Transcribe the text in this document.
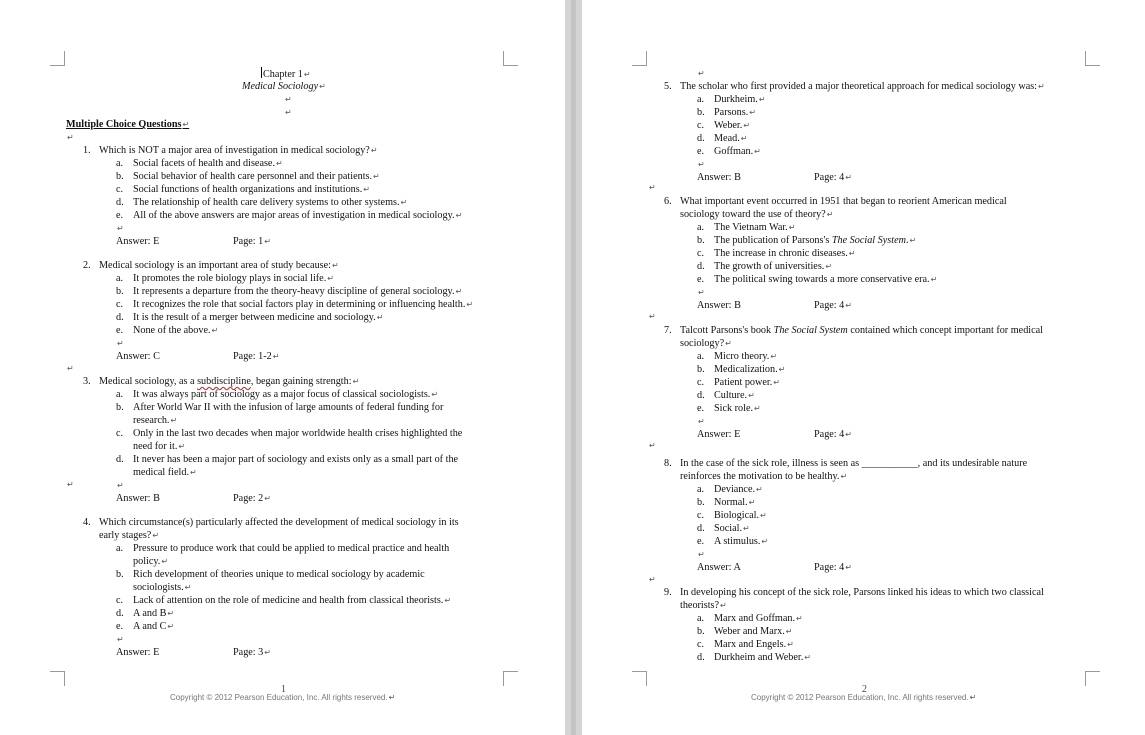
Chapter 1↵
Medical Sociology↵
↵
↵
Multiple Choice Questions↵
↵
1. Which is NOT a major area of investigation in medical sociology?↵
a. Social facets of health and disease.↵
b. Social behavior of health care personnel and their patients.↵
c. Social functions of health organizations and institutions.↵
d. The relationship of health care delivery systems to other systems.↵
e. All of the above answers are major areas of investigation in medical sociology.↵
↵
Answer: E	Page: 1↵
2. Medical sociology is an important area of study because:↵
a. It promotes the role biology plays in social life.↵
b. It represents a departure from the theory-heavy discipline of general sociology.↵
c. It recognizes the role that social factors play in determining or influencing health.↵
d. It is the result of a merger between medicine and sociology.↵
e. None of the above.↵
↵
Answer: C	Page: 1-2↵
3. Medical sociology, as a subdiscipline, began gaining strength:↵
a. It was always part of sociology as a major focus of classical sociologists.↵
b. After World War II with the infusion of large amounts of federal funding for
research.↵
c. Only in the last two decades when major worldwide health crises highlighted the
need for it.↵
d. It never has been a major part of sociology and exists only as a small part of the
medical field.↵
↵
Answer: B	Page: 2↵
4. Which circumstance(s) particularly affected the development of medical sociology in its
early stages?↵
a. Pressure to produce work that could be applied to medical practice and health
policy.↵
b. Rich development of theories unique to medical sociology by academic
sociologists.↵
c. Lack of attention on the role of medicine and health from classical theorists.↵
d. A and B↵
e. A and C↵
↵
Answer: E	Page: 3↵
↵
↵
1
Copyright © 2012 Pearson Education, Inc. All rights reserved.↵
↵
5. The scholar who first provided a major theoretical approach for medical sociology was:↵
a. Durkheim.↵
b. Parsons.↵
c. Weber.↵
d. Mead.↵
e. Goffman.↵
↵
Answer: B	Page: 4↵
6. What important event occurred in 1951 that began to reorient American medical
sociology toward the use of theory?↵
a. The Vietnam War.↵
b. The publication of Parsons's The Social System.↵
c. The increase in chronic diseases.↵
d. The growth of universities.↵
e. The political swing towards a more conservative era.↵
↵
Answer: B	Page: 4↵
7. Talcott Parsons's book The Social System contained which concept important for medical
sociology?↵
a. Micro theory.↵
b. Medicalization.↵
c. Patient power.↵
d. Culture.↵
e. Sick role.↵
↵
Answer: E	Page: 4↵
8. In the case of the sick role, illness is seen as ___________, and its undesirable nature
reinforces the motivation to be healthy.↵
a. Deviance.↵
b. Normal.↵
c. Biological.↵
d. Social.↵
e. A stimulus.↵
↵
Answer: A	Page: 4↵
9. In developing his concept of the sick role, Parsons linked his ideas to which two classical
theorists?↵
a. Marx and Goffman.↵
b. Weber and Marx.↵
c. Marx and Engels.↵
d. Durkheim and Weber.↵
↵
↵
↵
↵
2
Copyright © 2012 Pearson Education, Inc. All rights reserved.↵
